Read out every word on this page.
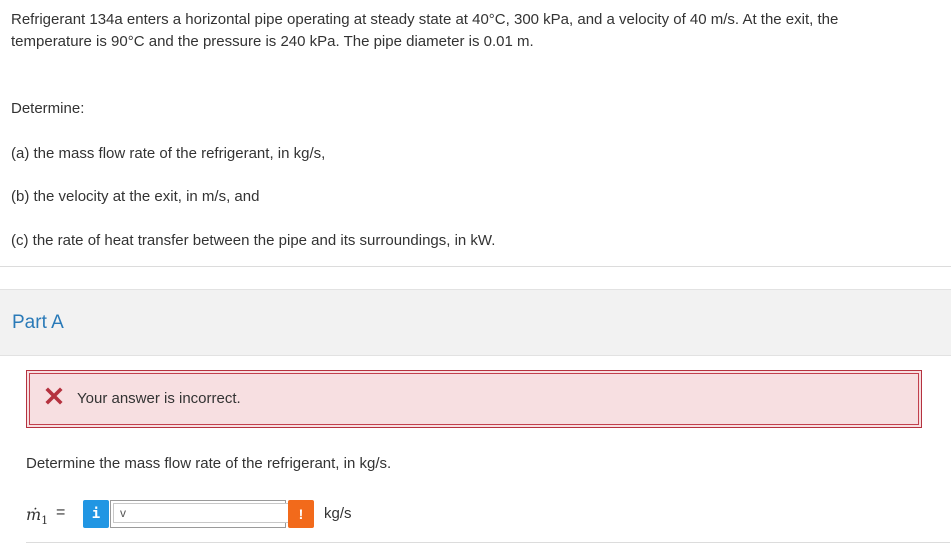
Refrigerant 134a enters a horizontal pipe operating at steady state at 40°C, 300 kPa, and a velocity of 40 m/s. At the exit, the temperature is 90°C and the pressure is 240 kPa. The pipe diameter is 0.01 m.
Determine:
(a) the mass flow rate of the refrigerant, in kg/s,
(b) the velocity at the exit, in m/s, and
(c) the rate of heat transfer between the pipe and its surroundings, in kW.
Part A
Your answer is incorrect.
Determine the mass flow rate of the refrigerant, in kg/s.
ṁ$_1$ =	i
v	!	kg/s
